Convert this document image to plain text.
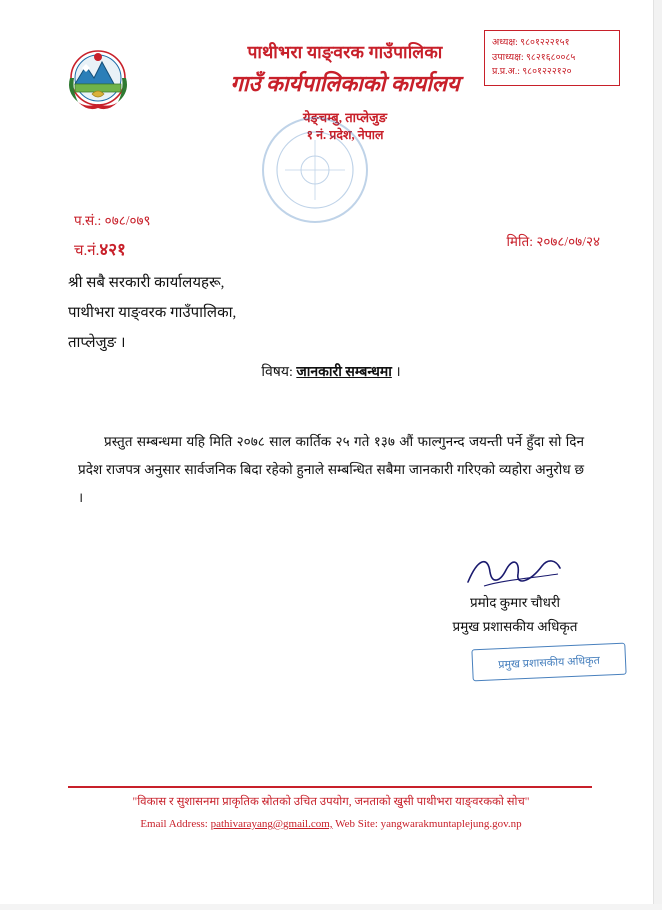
पाथीभरा याङ्वरक गाउँपालिका
गाउँ कार्यपालिकाको कार्यालय
येङ्चम्बु, ताप्लेजुङ
१ नं. प्रदेश, नेपाल
अध्यक्ष: ९८०१२२२१५१
उपाध्यक्ष: ९८२१६८००८५
प्र.प्र.अ.: ९८०१२२२१२०
प.सं.: ०७८/०७९
च.नं.४२१	मिति: २०७८/०७/२४
श्री सबै सरकारी कार्यालयहरू,
पाथीभरा याङ्वरक गाउँपालिका,
ताप्लेजुङ ।
विषय: जानकारी सम्बन्धमा ।
प्रस्तुत सम्बन्धमा यहि मिति २०७८ साल कार्तिक २५ गते १३७ औं फाल्गुनन्द जयन्ती पर्ने हुँदा सो दिन प्रदेश राजपत्र अनुसार सार्वजनिक बिदा रहेको हुनाले सम्बन्धित सबैमा जानकारी गरिएको व्यहोरा अनुरोध छ ।
प्रमोद कुमार चौधरी
प्रमुख प्रशासकीय अधिकृत
प्रमुख प्रशासकीय अधिकृत
"विकास र सुशासनमा प्राकृतिक स्रोतको उचित उपयोग, जनताको खुसी पाथीभरा याङ्वरकको सोच"
Email Address: pathivarayang@gmail.com, Web Site: yangwarakmuntaplejung.gov.np
